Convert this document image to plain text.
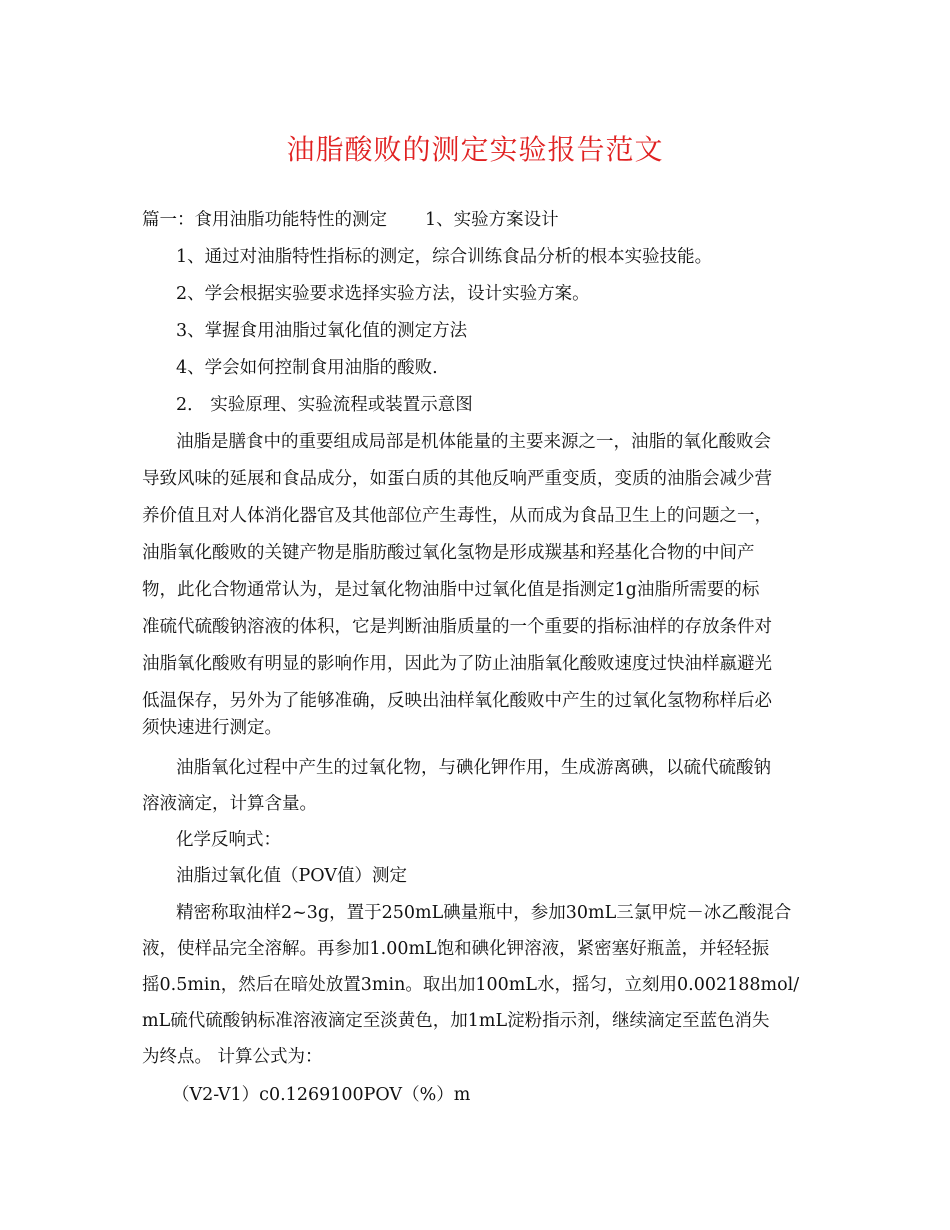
油脂酸败的测定实验报告范文
篇一：食用油脂功能特性的测定 1、实验方案设计
1、通过对油脂特性指标的测定，综合训练食品分析的根本实验技能。
2、学会根据实验要求选择实验方法，设计实验方案。
3、掌握食用油脂过氧化值的测定方法
4、学会如何控制食用油脂的酸败.
2． 实验原理、实验流程或装置示意图
油脂是膳食中的重要组成局部是机体能量的主要来源之一，油脂的氧化酸败会
导致风味的延展和食品成分，如蛋白质的其他反响严重变质，变质的油脂会减少营
养价值且对人体消化器官及其他部位产生毒性，从而成为食品卫生上的问题之一，
油脂氧化酸败的关键产物是脂肪酸过氧化氢物是形成羰基和羟基化合物的中间产
物，此化合物通常认为，是过氧化物油脂中过氧化值是指测定1g油脂所需要的标
准硫代硫酸钠溶液的体积，它是判断油脂质量的一个重要的指标油样的存放条件对
油脂氧化酸败有明显的影响作用，因此为了防止油脂氧化酸败速度过快油样嬴避光
低温保存，另外为了能够准确，反映出油样氧化酸败中产生的过氧化氢物称样后必
须快速进行测定。
油脂氧化过程中产生的过氧化物，与碘化钾作用，生成游离碘，以硫代硫酸钠
溶液滴定，计算含量。
化学反响式：
油脂过氧化值（POV值）测定
精密称取油样2~3g，置于250mL碘量瓶中，参加30mL三氯甲烷－冰乙酸混合
液，使样品完全溶解。再参加1.00mL饱和碘化钾溶液，紧密塞好瓶盖，并轻轻振
摇0.5min，然后在暗处放置3min。取出加100mL水，摇匀，立刻用0.002188mol/
mL硫代硫酸钠标准溶液滴定至淡黄色，加1mL淀粉指示剂，继续滴定至蓝色消失
为终点。 计算公式为：
（V2-V1）c0.1269100POV（%）m
